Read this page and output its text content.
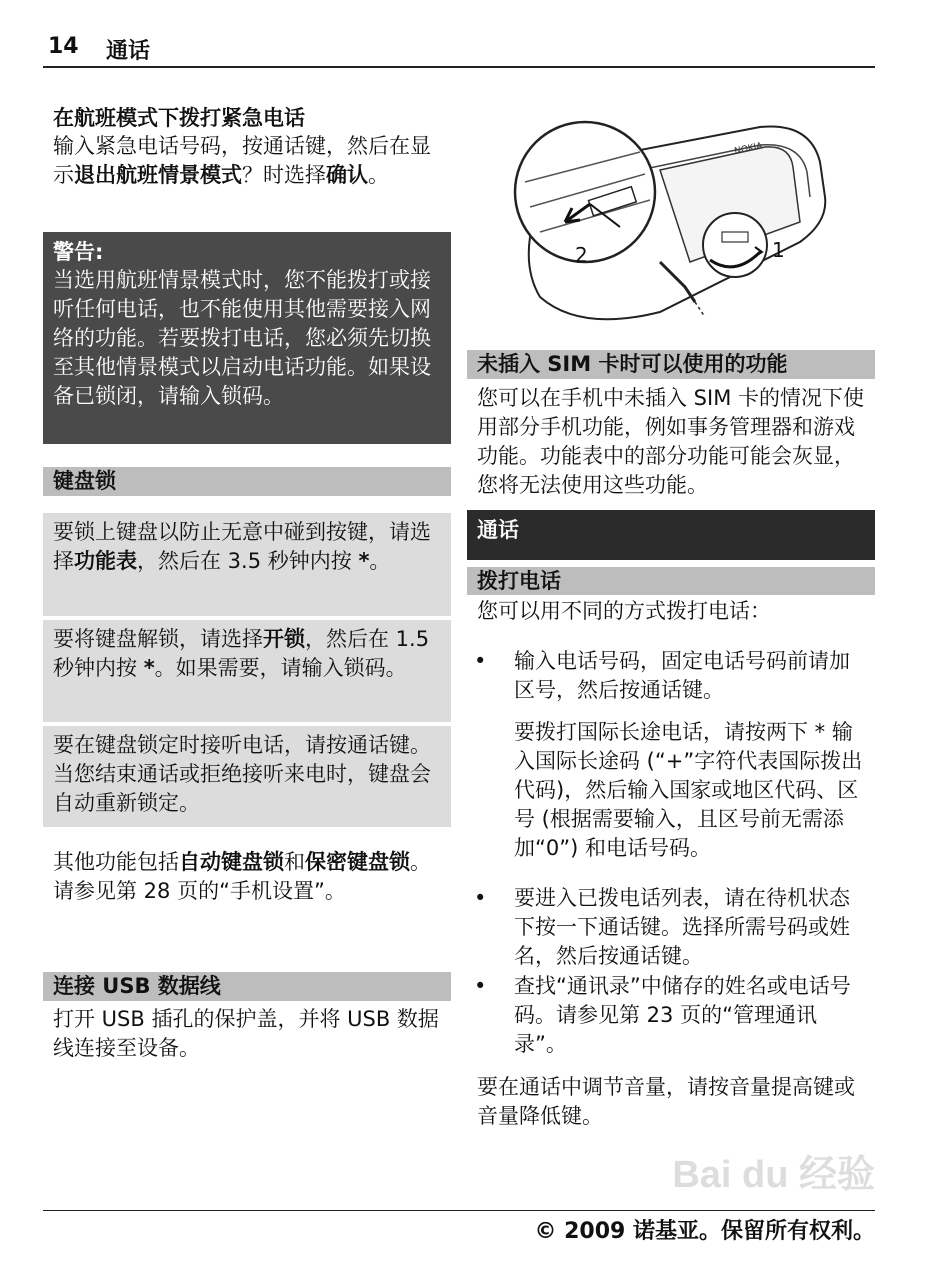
14 通话
在航班模式下拨打紧急电话

输入紧急电话号码，按通话键，然后在显示退出航班情景模式？时选择确认。

警告:

当选用航班情景模式时，您不能拨打或接听任何电话，也不能使用其他需要接入网络的功能。若要拨打电话，您必须先切换至其他情景模式以启动电话功能。如果设备已锁闭，请输入锁码。

键盘锁

要锁上键盘以防止无意中碰到按键，请选择功能表，然后在 3.5 秒钟内按 *。

要将键盘解锁，请选择开锁，然后在 1.5 秒钟内按 *。如果需要，请输入锁码。

要在键盘锁定时接听电话，请按通话键。当您结束通话或拒绝接听来电时，键盘会自动重新锁定。

其他功能包括自动键盘锁和保密键盘锁。 请参见第 28 页的“手机设置”。

连接 USB 数据线

打开 USB 插孔的保护盖，并将 USB 数据线连接至设备。

NOKIA
2	1
未插入 SIM 卡时可以使用的功能

您可以在手机中未插入 SIM 卡的情况下使用部分手机功能，例如事务管理器和游戏功能。功能表中的部分功能可能会灰显，您将无法使用这些功能。

通话
拨打电话

您可以用不同的方式拨打电话：

• 输入电话号码，固定电话号码前请加区号，然后按通话键。
要拨打国际长途电话，请按两下 * 输入国际长途码 (“+”字符代表国际拨出代码)，然后输入国家或地区代码、区号 (根据需要输入，且区号前无需添加“0”) 和电话号码。
• 要进入已拨电话列表，请在待机状态下按一下通话键。选择所需号码或姓名，然后按通话键。
• 查找“通讯录”中储存的姓名或电话号码。请参见第 23 页的“管理通讯录”。

要在通话中调节音量，请按音量提高键或音量降低键。

Bai du 经验
© 2009 诺基亚。保留所有权利。
